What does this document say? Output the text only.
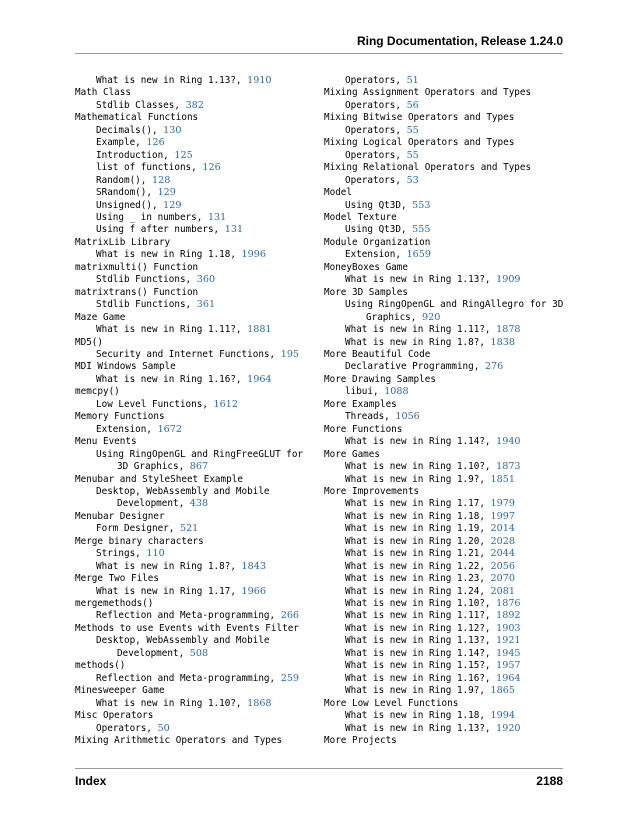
Ring Documentation, Release 1.24.0
What is new in Ring 1.13?, 1910
Math Class
Stdlib Classes, 382
Mathematical Functions
Decimals(), 130
Example, 126
Introduction, 125
list of functions, 126
Random(), 128
SRandom(), 129
Unsigned(), 129
Using _ in numbers, 131
Using f after numbers, 131
MatrixLib Library
What is new in Ring 1.18, 1996
matrixmulti() Function
Stdlib Functions, 360
matrixtrans() Function
Stdlib Functions, 361
Maze Game
What is new in Ring 1.11?, 1881
MD5()
Security and Internet Functions, 195
MDI Windows Sample
What is new in Ring 1.16?, 1964
memcpy()
Low Level Functions, 1612
Memory Functions
Extension, 1672
Menu Events
Using RingOpenGL and RingFreeGLUT for
3D Graphics, 867
Menubar and StyleSheet Example
Desktop, WebAssembly and Mobile
Development, 438
Menubar Designer
Form Designer, 521
Merge binary characters
Strings, 110
What is new in Ring 1.8?, 1843
Merge Two Files
What is new in Ring 1.17, 1966
mergemethods()
Reflection and Meta-programming, 266
Methods to use Events with Events Filter
Desktop, WebAssembly and Mobile
Development, 508
methods()
Reflection and Meta-programming, 259
Minesweeper Game
What is new in Ring 1.10?, 1868
Misc Operators
Operators, 50
Mixing Arithmetic Operators and Types
Operators, 51
Mixing Assignment Operators and Types
Operators, 56
Mixing Bitwise Operators and Types
Operators, 55
Mixing Logical Operators and Types
Operators, 55
Mixing Relational Operators and Types
Operators, 53
Model
Using Qt3D, 553
Model Texture
Using Qt3D, 555
Module Organization
Extension, 1659
MoneyBoxes Game
What is new in Ring 1.13?, 1909
More 3D Samples
Using RingOpenGL and RingAllegro for 3D
Graphics, 920
What is new in Ring 1.11?, 1878
What is new in Ring 1.8?, 1838
More Beautiful Code
Declarative Programming, 276
More Drawing Samples
libui, 1088
More Examples
Threads, 1056
More Functions
What is new in Ring 1.14?, 1940
More Games
What is new in Ring 1.10?, 1873
What is new in Ring 1.9?, 1851
More Improvements
What is new in Ring 1.17, 1979
What is new in Ring 1.18, 1997
What is new in Ring 1.19, 2014
What is new in Ring 1.20, 2028
What is new in Ring 1.21, 2044
What is new in Ring 1.22, 2056
What is new in Ring 1.23, 2070
What is new in Ring 1.24, 2081
What is new in Ring 1.10?, 1876
What is new in Ring 1.11?, 1892
What is new in Ring 1.12?, 1903
What is new in Ring 1.13?, 1921
What is new in Ring 1.14?, 1945
What is new in Ring 1.15?, 1957
What is new in Ring 1.16?, 1964
What is new in Ring 1.9?, 1865
More Low Level Functions
What is new in Ring 1.18, 1994
What is new in Ring 1.13?, 1920
More Projects
Index	2188
